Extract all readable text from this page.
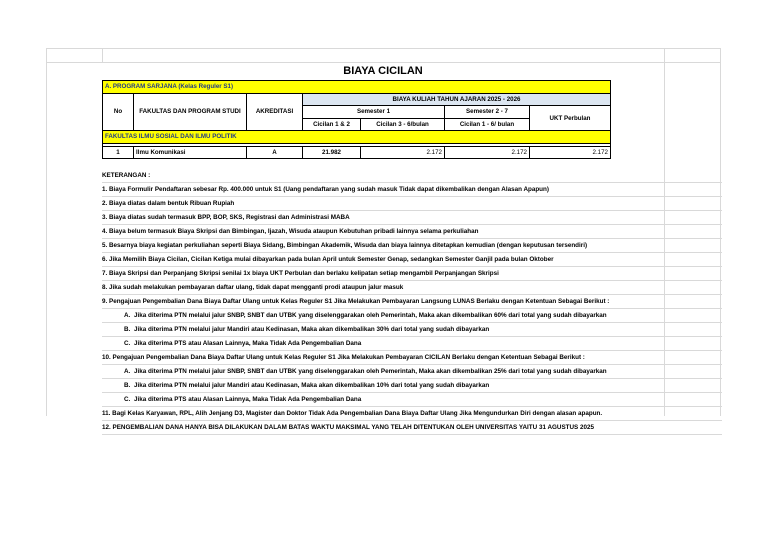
BIAYA CICILAN
A. PROGRAM SARJANA (Kelas Reguler S1)						
No	FAKULTAS DAN PROGRAM STUDI	AKREDITASI	BIAYA KULIAH TAHUN AJARAN 2025 - 2026			
			Semester 1		Semester 2 - 7	UKT Perbulan
			Cicilan 1 & 2	Cicilan 3 - 6/bulan	Cicilan 1 - 6/ bulan	
FAKULTAS ILMU SOSIAL DAN ILMU POLITIK						

1	Ilmu Komunikasi	A	21.982	2.172	2.172	2.172
KETERANGAN :
1. Biaya Formulir Pendaftaran sebesar Rp. 400.000 untuk S1 (Uang pendaftaran yang sudah masuk Tidak dapat dikembalikan dengan Alasan Apapun)
2. Biaya diatas dalam bentuk Ribuan Rupiah
3. Biaya diatas sudah termasuk BPP, BOP, SKS, Registrasi dan Administrasi MABA
4. Biaya belum termasuk Biaya Skripsi dan Bimbingan, Ijazah, Wisuda ataupun Kebutuhan pribadi lainnya selama perkuliahan
5. Besarnya biaya kegiatan perkuliahan seperti Biaya Sidang, Bimbingan Akademik, Wisuda dan biaya lainnya ditetapkan kemudian (dengan keputusan tersendiri)
6. Jika Memilih Biaya Cicilan, Cicilan Ketiga mulai dibayarkan pada bulan April untuk Semester Genap, sedangkan Semester Ganjil pada bulan Oktober
7. Biaya Skripsi dan Perpanjang Skripsi senilai 1x biaya UKT Perbulan dan berlaku kelipatan setiap mengambil Perpanjangan Skripsi
8. Jika sudah melakukan pembayaran daftar ulang, tidak dapat mengganti prodi ataupun jalur masuk
9. Pengajuan Pengembalian Dana Biaya Daftar Ulang untuk Kelas Reguler S1 Jika Melakukan Pembayaran Langsung LUNAS Berlaku dengan Ketentuan Sebagai Berikut :
A. Jika diterima PTN melalui jalur SNBP, SNBT dan UTBK yang diselenggarakan oleh Pemerintah, Maka akan dikembalikan 60% dari total yang sudah dibayarkan
B. Jika diterima PTN melalui jalur Mandiri atau Kedinasan, Maka akan dikembalikan 30% dari total yang sudah dibayarkan
C. Jika diterima PTS atau Alasan Lainnya, Maka Tidak Ada Pengembalian Dana
10. Pengajuan Pengembalian Dana Biaya Daftar Ulang untuk Kelas Reguler S1 Jika Melakukan Pembayaran CICILAN Berlaku dengan Ketentuan Sebagai Berikut :
A. Jika diterima PTN melalui jalur SNBP, SNBT dan UTBK yang diselenggarakan oleh Pemerintah, Maka akan dikembalikan 25% dari total yang sudah dibayarkan
B. Jika diterima PTN melalui jalur Mandiri atau Kedinasan, Maka akan dikembalikan 10% dari total yang sudah dibayarkan
C. Jika diterima PTS atau Alasan Lainnya, Maka Tidak Ada Pengembalian Dana
11. Bagi Kelas Karyawan, RPL, Alih Jenjang D3, Magister dan Doktor Tidak Ada Pengembalian Dana Biaya Daftar Ulang Jika Mengundurkan Diri dengan alasan apapun.
12. PENGEMBALIAN DANA HANYA BISA DILAKUKAN DALAM BATAS WAKTU MAKSIMAL YANG TELAH DITENTUKAN OLEH UNIVERSITAS YAITU 31 AGUSTUS 2025
